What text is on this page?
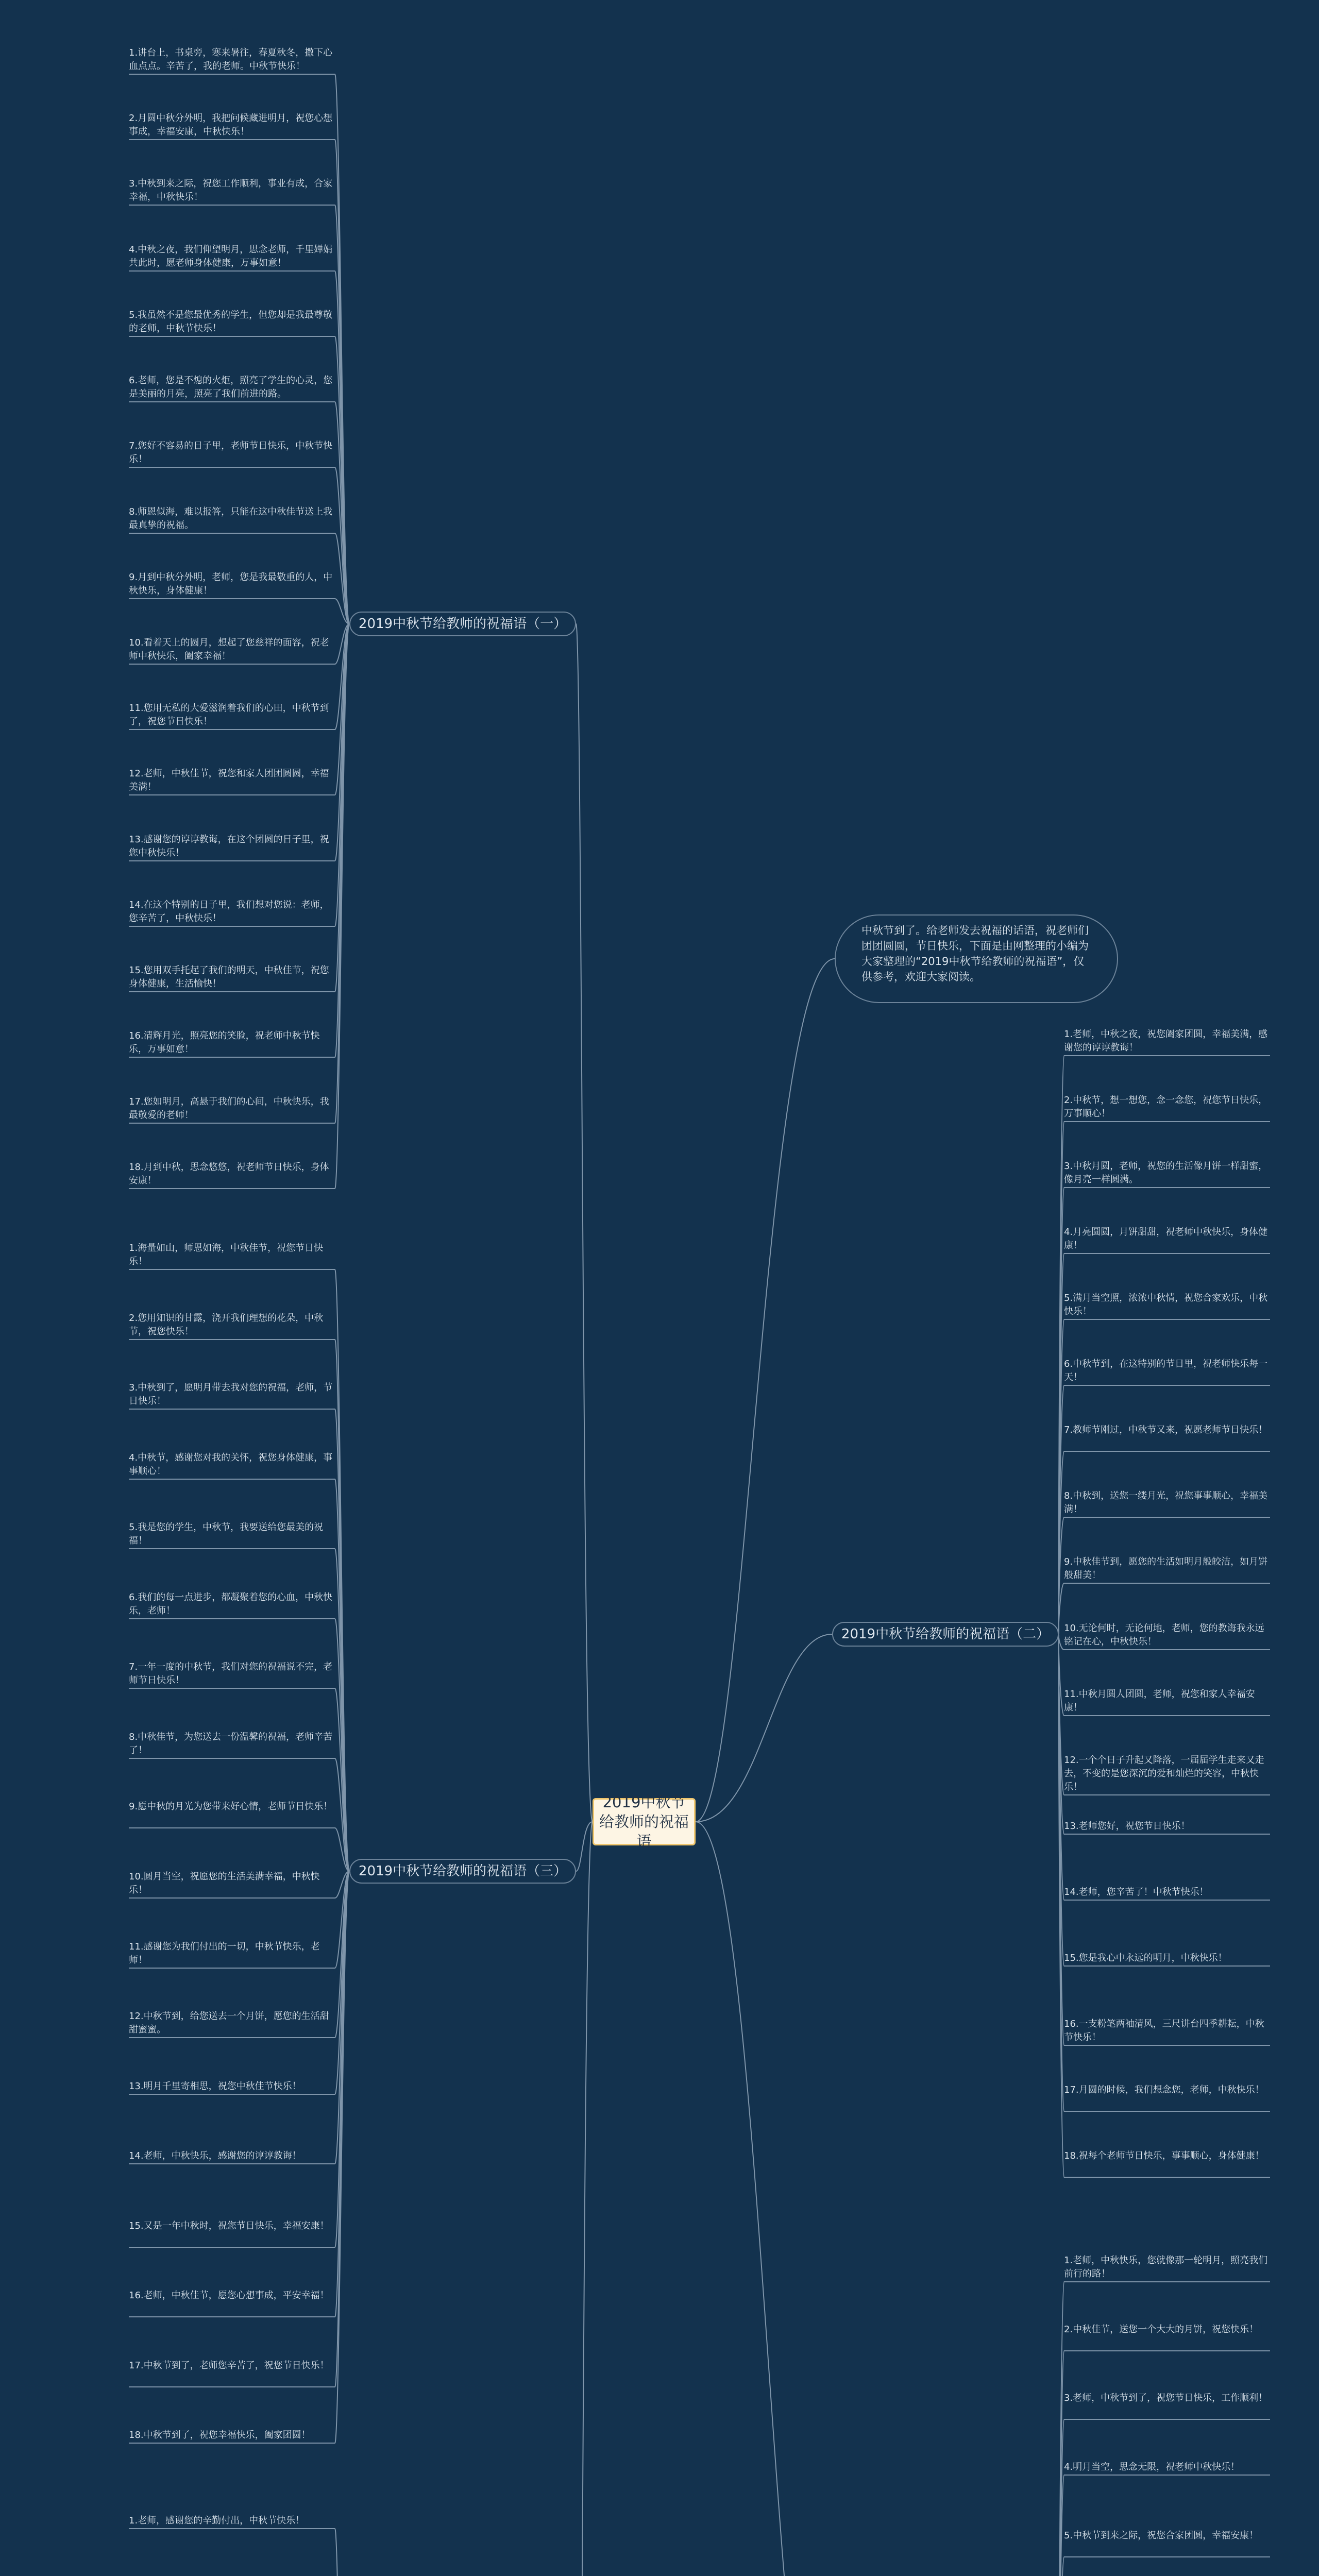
2019中秋节给教师的祝福语
中秋节到了。给老师发去祝福的话语，祝老师们团团圆圆，节日快乐，下面是由网整理的小编为大家整理的“2019中秋节给教师的祝福语”，仅供参考，欢迎大家阅读。
2019中秋节给教师的祝福语（一）
2019中秋节给教师的祝福语（二）
2019中秋节给教师的祝福语（三）
1.讲台上，书桌旁，寒来暑往，春夏秋冬，撒下心血点点。辛苦了，我的老师。中秋节快乐！
2.月圆中秋分外明，我把问候藏进明月，祝您心想事成，幸福安康，中秋快乐！
3.中秋到来之际，祝您工作顺利，事业有成，合家幸福，中秋快乐！
4.中秋之夜，我们仰望明月，思念老师，千里婵娟共此时，愿老师身体健康，万事如意！
5.我虽然不是您最优秀的学生，但您却是我最尊敬的老师，中秋节快乐！
6.老师，您是不熄的火炬，照亮了学生的心灵，您是美丽的月亮，照亮了我们前进的路。
7.您好不容易的日子里，老师节日快乐，中秋节快乐！
8.师恩似海，难以报答，只能在这中秋佳节送上我最真挚的祝福。
9.月到中秋分外明，老师，您是我最敬重的人，中秋快乐，身体健康！
10.看着天上的圆月，想起了您慈祥的面容，祝老师中秋快乐，阖家幸福！
11.您用无私的大爱滋润着我们的心田，中秋节到了，祝您节日快乐！
12.老师，中秋佳节，祝您和家人团团圆圆，幸福美满！
13.感谢您的谆谆教诲，在这个团圆的日子里，祝您中秋快乐！
14.在这个特别的日子里，我们想对您说：老师，您辛苦了，中秋快乐！
15.您用双手托起了我们的明天，中秋佳节，祝您身体健康，生活愉快！
16.清辉月光，照亮您的笑脸，祝老师中秋节快乐，万事如意！
17.您如明月，高悬于我们的心间，中秋快乐，我最敬爱的老师！
18.月到中秋，思念悠悠，祝老师节日快乐，身体安康！
1.老师，中秋之夜，祝您阖家团圆，幸福美满，感谢您的谆谆教诲！
2.中秋节，想一想您，念一念您，祝您节日快乐，万事顺心！
3.中秋月圆，老师，祝您的生活像月饼一样甜蜜，像月亮一样圆满。
4.月亮圆圆，月饼甜甜，祝老师中秋快乐，身体健康！
5.满月当空照，浓浓中秋情，祝您合家欢乐，中秋快乐！
6.中秋节到，在这特别的节日里，祝老师快乐每一天！
7.教师节刚过，中秋节又来，祝愿老师节日快乐！
8.中秋到，送您一缕月光，祝您事事顺心，幸福美满！
9.中秋佳节到，愿您的生活如明月般皎洁，如月饼般甜美！
10.无论何时，无论何地，老师，您的教诲我永远铭记在心，中秋快乐！
11.中秋月圆人团圆，老师，祝您和家人幸福安康！
12.一个个日子升起又降落，一届届学生走来又走去，不变的是您深沉的爱和灿烂的笑容，中秋快乐！
13.老师您好，祝您节日快乐！
14.老师，您辛苦了！中秋节快乐！
15.您是我心中永远的明月，中秋快乐！
16.一支粉笔两袖清风，三尺讲台四季耕耘，中秋节快乐！
17.月圆的时候，我们想念您，老师，中秋快乐！
18.祝每个老师节日快乐，事事顺心，身体健康！
1.海量如山，师恩如海，中秋佳节，祝您节日快乐！
2.您用知识的甘露，浇开我们理想的花朵，中秋节，祝您快乐！
3.中秋到了，愿明月带去我对您的祝福，老师，节日快乐！
4.中秋节，感谢您对我的关怀，祝您身体健康，事事顺心！
5.我是您的学生，中秋节，我要送给您最美的祝福！
6.我们的每一点进步，都凝聚着您的心血，中秋快乐，老师！
7.一年一度的中秋节，我们对您的祝福说不完，老师节日快乐！
8.中秋佳节，为您送去一份温馨的祝福，老师辛苦了！
9.愿中秋的月光为您带来好心情，老师节日快乐！
10.圆月当空，祝愿您的生活美满幸福，中秋快乐！
11.感谢您为我们付出的一切，中秋节快乐，老师！
12.中秋节到，给您送去一个月饼，愿您的生活甜甜蜜蜜。
13.明月千里寄相思，祝您中秋佳节快乐！
14.老师，中秋快乐，感谢您的谆谆教诲！
15.又是一年中秋时，祝您节日快乐，幸福安康！
16.老师，中秋佳节，愿您心想事成，平安幸福！
17.中秋节到了，老师您辛苦了，祝您节日快乐！
18.中秋节到了，祝您幸福快乐，阖家团圆！
1.老师，中秋快乐，您就像那一轮明月，照亮我们前行的路！
2.中秋佳节，送您一个大大的月饼，祝您快乐！
3.老师，中秋节到了，祝您节日快乐，工作顺利！
4.明月当空，思念无限，祝老师中秋快乐！
5.中秋节到来之际，祝您合家团圆，幸福安康！
1.老师，感谢您的辛勤付出，中秋节快乐！
